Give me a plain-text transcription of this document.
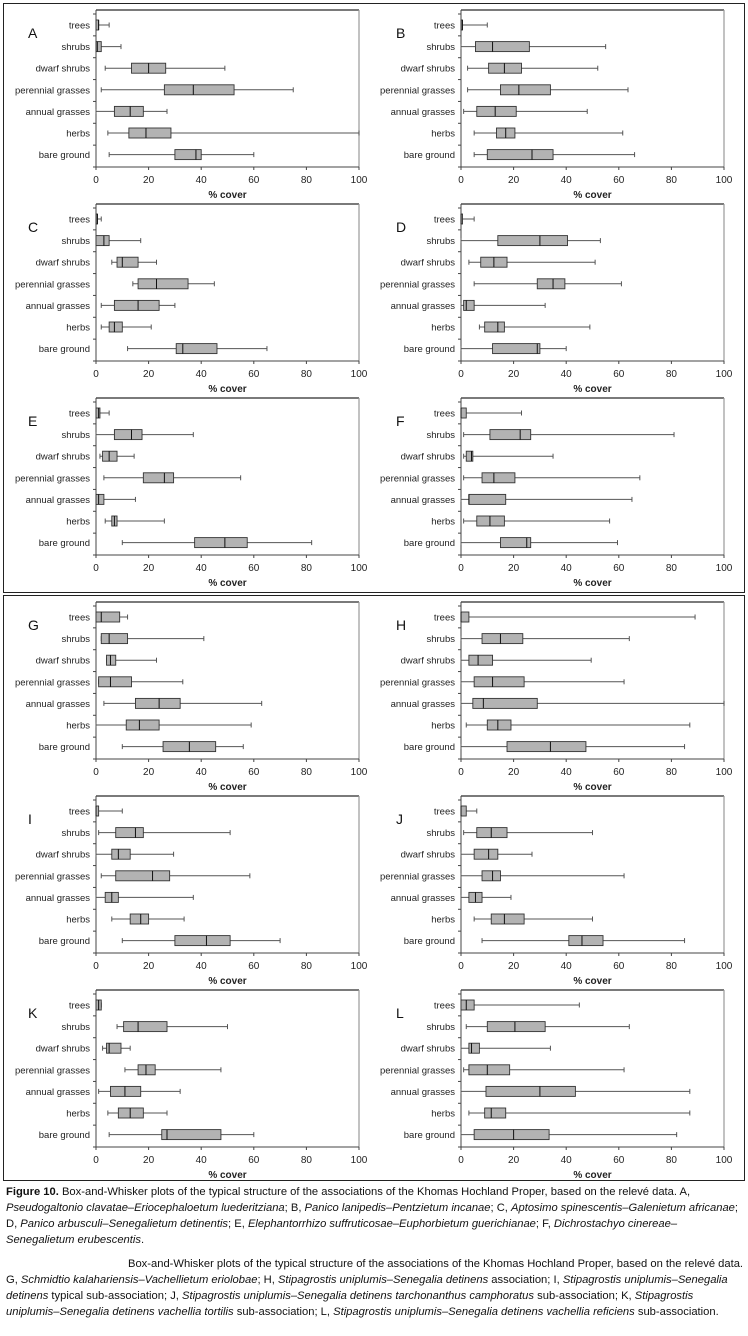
A
0	20	40	60	80	100
% cover
trees
shrubs
dwarf shrubs
perennial grasses
annual grasses
herbs
bare ground
B
0	20	40	60	80	100
% cover
trees
shrubs
dwarf shrubs
perennial grasses
annual grasses
herbs
bare ground
C
0	20	40	60	80	100
% cover
trees
shrubs
dwarf shrubs
perennial grasses
annual grasses
herbs
bare ground
D
0	20	40	60	80	100
% cover
trees
shrubs
dwarf shrubs
perennial grasses
annual grasses
herbs
bare ground
E
0	20	40	60	80	100
% cover
trees
shrubs
dwarf shrubs
perennial grasses
annual grasses
herbs
bare ground
F
0	20	40	60	80	100
% cover
trees
shrubs
dwarf shrubs
perennial grasses
annual grasses
herbs
bare ground
G
0	20	40	60	80	100
% cover
trees
shrubs
dwarf shrubs
perennial grasses
annual grasses
herbs
bare ground
H
0	20	40	60	80	100
% cover
trees
shrubs
dwarf shrubs
perennial grasses
annual grasses
herbs
bare ground
I
0	20	40	60	80	100
% cover
trees
shrubs
dwarf shrubs
perennial grasses
annual grasses
herbs
bare ground
J
0	20	40	60	80	100
% cover
trees
shrubs
dwarf shrubs
perennial grasses
annual grasses
herbs
bare ground
K
0	20	40	60	80	100
% cover
trees
shrubs
dwarf shrubs
perennial grasses
annual grasses
herbs
bare ground
L
0	20	40	60	80	100
% cover
trees
shrubs
dwarf shrubs
perennial grasses
annual grasses
herbs
bare ground
Figure 10. Box-and-Whisker plots of the typical structure of the associations of the Khomas Hochland Proper, based on the relevé data. A, Pseudogaltonio clavatae–Eriocephaloetum luederitziana; B, Panico lanipedis–Pentzietum incanae; C, Aptosimo spinescentis–Galenietum africanae; D, Panico arbusculi–Senegalietum detinentis; E, Elephantorrhizo suffruticosae–Euphorbietum guerichianae; F, Dichrostachyo cinereae–Senegalietum erubescentis.
Box-and-Whisker plots of the typical structure of the associations of the Khomas Hochland Proper, based on the relevé data. G, Schmidtio kalahariensis–Vachellietum eriolobae; H, Stipagrostis uniplumis–Senegalia detinens association; I, Stipagrostis uniplumis–Senegalia detinens typical sub-association; J, Stipagrostis uniplumis–Senegalia detinens tarchonanthus camphoratus sub-association; K, Stipagrostis uniplumis–Senegalia detinens vachellia tortilis sub-association; L, Stipagrostis uniplumis–Senegalia detinens vachellia reficiens sub-association.
